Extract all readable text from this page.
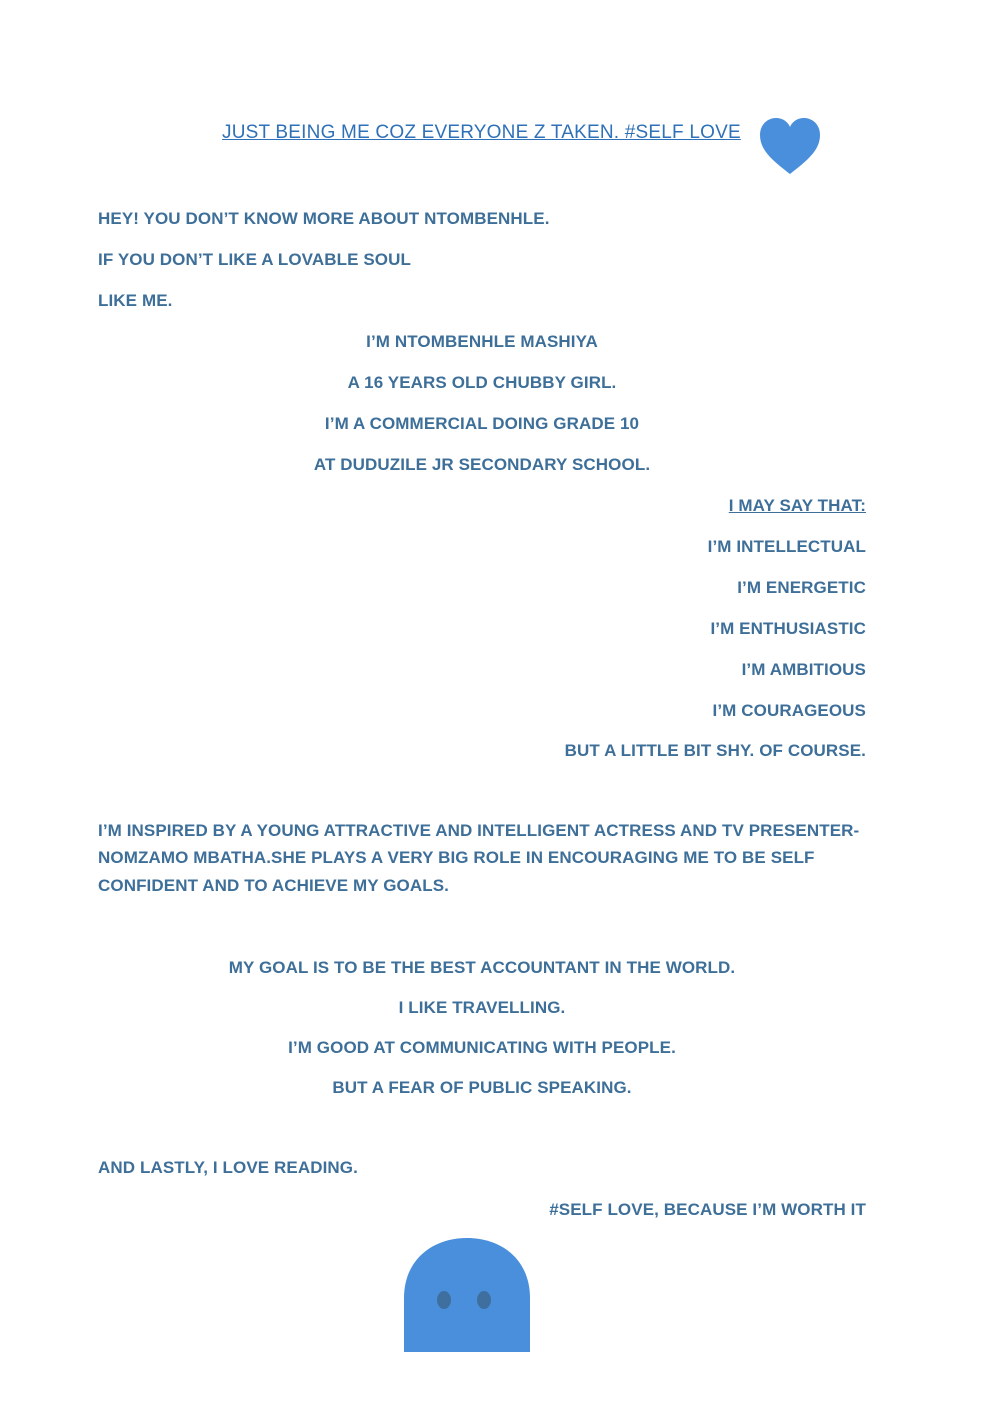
JUST BEING ME COZ EVERYONE Z TAKEN. #SELF LOVE

HEY! YOU DON’T KNOW MORE ABOUT NTOMBENHLE.

IF YOU DON’T LIKE A LOVABLE SOUL

LIKE ME.

I’M NTOMBENHLE MASHIYA

A 16 YEARS OLD CHUBBY GIRL.

I’M A COMMERCIAL DOING GRADE 10

AT DUDUZILE JR SECONDARY SCHOOL.

I MAY SAY THAT:

I’M INTELLECTUAL

I’M ENERGETIC

I’M ENTHUSIASTIC

I’M AMBITIOUS

I’M COURAGEOUS

BUT A LITTLE BIT SHY. OF COURSE.

I’M INSPIRED BY A YOUNG ATTRACTIVE AND INTELLIGENT ACTRESS AND TV PRESENTER-

NOMZAMO MBATHA.SHE PLAYS A VERY BIG ROLE IN ENCOURAGING ME TO BE SELF

CONFIDENT AND TO ACHIEVE MY GOALS.

MY GOAL IS TO BE THE BEST ACCOUNTANT IN THE WORLD.

I LIKE TRAVELLING.

I’M GOOD AT COMMUNICATING WITH PEOPLE.

BUT A FEAR OF PUBLIC SPEAKING.

AND LASTLY, I LOVE READING.

#SELF LOVE, BECAUSE I’M WORTH IT
